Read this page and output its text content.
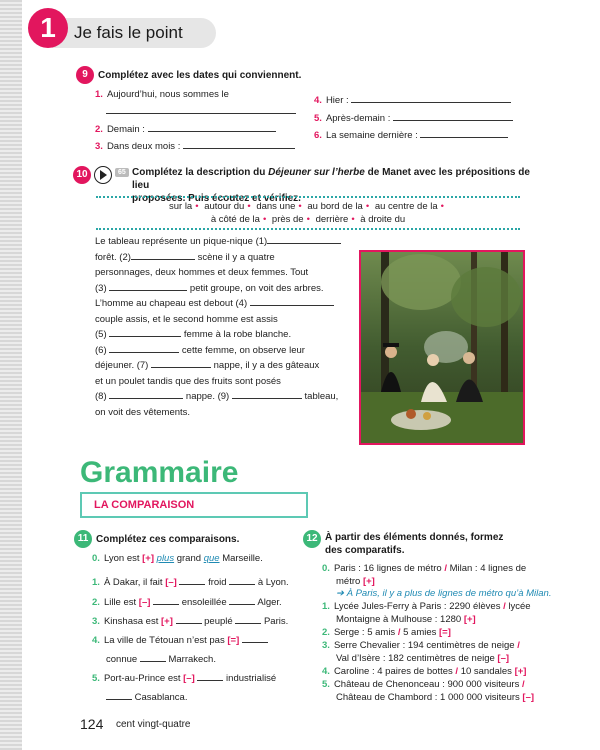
1	Je fais le point
9	Complétez avec les dates qui conviennent.
1. Aujourd’hui, nous sommes le
2. Demain :
3. Dans deux mois :
4. Hier :
5. Après-demain :
6. La semaine dernière :
10	65 Complétez la description du Déjeuner sur l’herbe de Manet avec les prépositions de lieu
proposées. Puis écoutez et vérifiez.
sur la • autour du • dans une • au bord de la • au centre de la •
à côté de la • près de • derrière • à droite du
Le tableau représente un pique-nique (1)
forêt. (2)	scène il y a quatre
personnages, deux hommes et deux femmes. Tout
(3)	petit groupe, on voit des arbres.
L’homme au chapeau est debout (4)
couple assis, et le second homme est assis
(5)	femme à la robe blanche.
(6)	cette femme, on observe leur
déjeuner. (7)	nappe, il y a des gâteaux
et un poulet tandis que des fruits sont posés
(8)	nappe. (9)	tableau,
on voit des vêtements.
Grammaire
LA COMPARAISON
11 Complétez ces comparaisons.
0. Lyon est [+] plus grand que Marseille.
1. À Dakar, il fait [–]	froid	à Lyon.
2. Lille est [–]	ensoleillée	Alger.
3. Kinshasa est [+]	peuplé	Paris.
4. La ville de Tétouan n’est pas [=]
connue	Marrakech.
5. Port-au-Prince est [–]	industrialisé
Casablanca.
12 À partir des éléments donnés, formez
des comparatifs.
0. Paris : 16 lignes de métro / Milan : 4 lignes de
métro [+]
➔ À Paris, il y a plus de lignes de métro qu’à Milan.
1. Lycée Jules-Ferry à Paris : 2290 élèves / lycée
Montaigne à Mulhouse : 1280 [+]
2. Serge : 5 amis / 5 amies [=]
3. Serre Chevalier : 194 centimètres de neige /
Val d’Isère : 182 centimètres de neige [–]
4. Caroline : 4 paires de bottes / 10 sandales [+]
5. Château de Chenonceau : 900 000 visiteurs /
Château de Chambord : 1 000 000 visiteurs [–]
124 cent vingt-quatre
